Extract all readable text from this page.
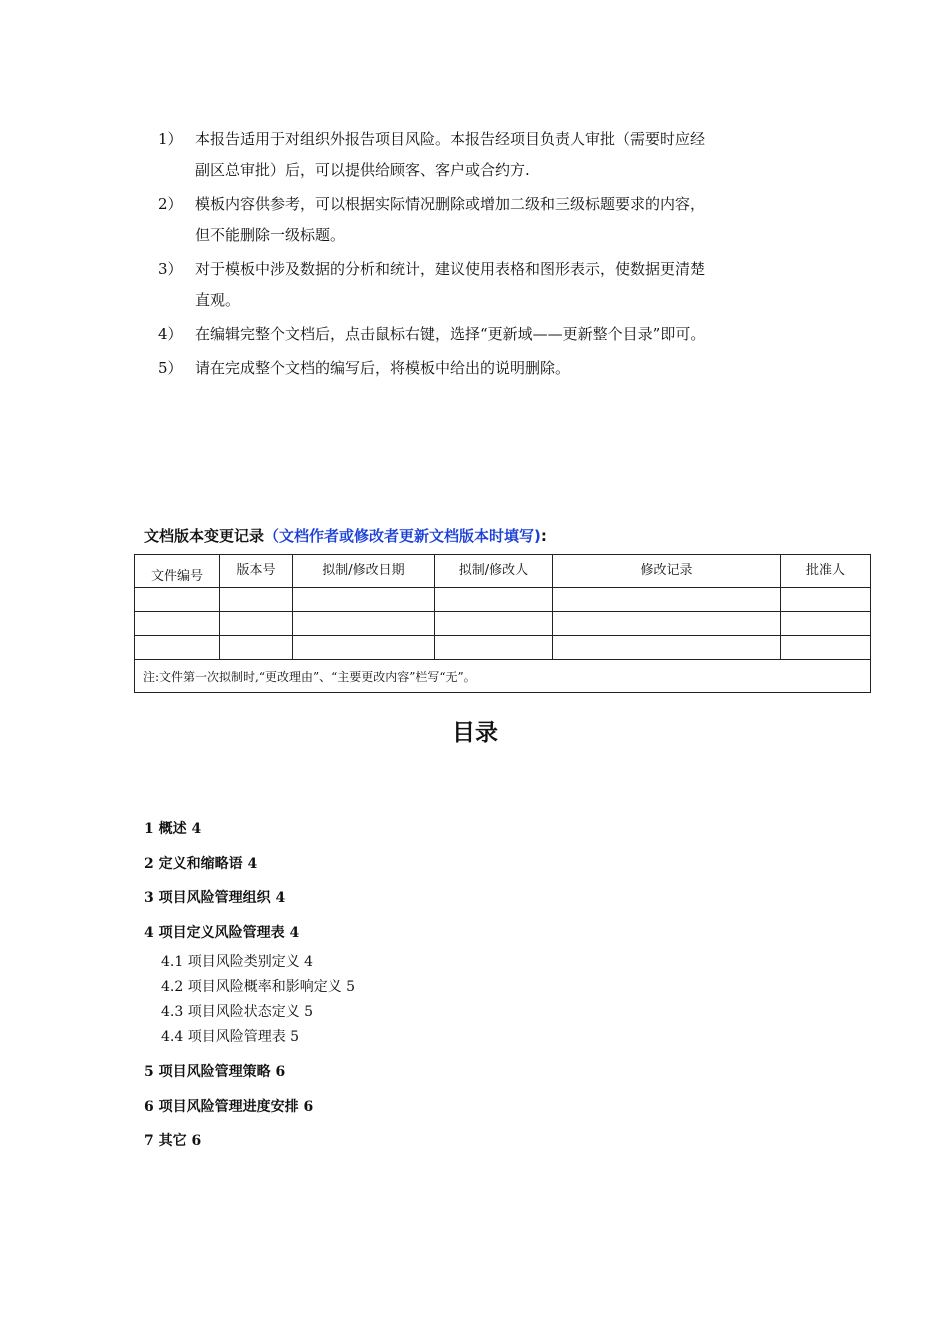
1） 本报告适用于对组织外报告项目风险。本报告经项目负责人审批（需要时应经
副区总审批）后，可以提供给顾客、客户或合约方.
2） 模板内容供参考，可以根据实际情况删除或增加二级和三级标题要求的内容，
但不能删除一级标题。
3） 对于模板中涉及数据的分析和统计，建议使用表格和图形表示，使数据更清楚
直观。
4） 在编辑完整个文档后，点击鼠标右键，选择“更新域——更新整个目录”即可。
5） 请在完成整个文档的编写后，将模板中给出的说明删除。
文档版本变更记录（文档作者或修改者更新文档版本时填写):
文件编号	版本号	拟制/修改日期	拟制/修改人	修改记录	批准人

注:文件第一次拟制时,“更改理由”、“主要更改内容”栏写“无”。					
目录
1 概述 4
2 定义和缩略语 4
3 项目风险管理组织 4
4 项目定义风险管理表 4
4.1 项目风险类别定义 4
4.2 项目风险概率和影响定义 5
4.3 项目风险状态定义 5
4.4 项目风险管理表 5
5 项目风险管理策略 6
6 项目风险管理进度安排 6
7 其它 6
